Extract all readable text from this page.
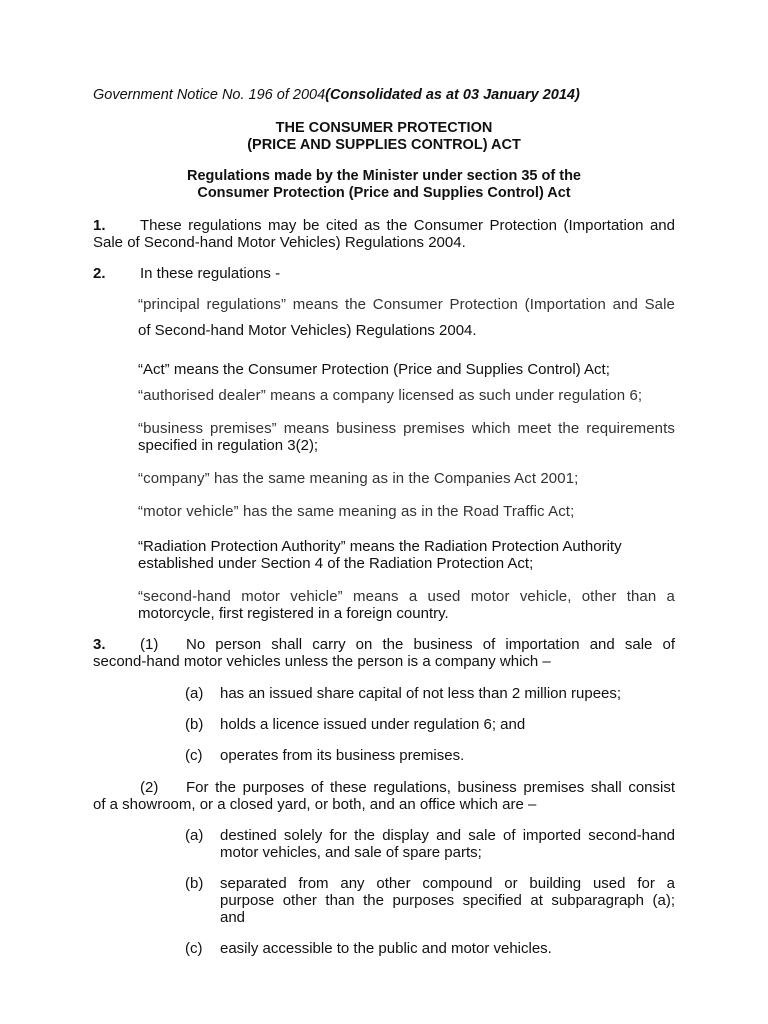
Government Notice No. 196 of 2004(Consolidated as at 03 January 2014)
THE CONSUMER PROTECTION
(PRICE AND SUPPLIES CONTROL) ACT
Regulations made by the Minister under section 35 of the
Consumer Protection (Price and Supplies Control) Act
1. These regulations may be cited as the Consumer Protection (Importation and
Sale of Second-hand Motor Vehicles) Regulations 2004.
2. In these regulations -
“principal regulations” means the Consumer Protection (Importation and Sale
of Second-hand Motor Vehicles) Regulations 2004.
“Act” means the Consumer Protection (Price and Supplies Control) Act;
“authorised dealer” means a company licensed as such under regulation 6;
“business premises” means business premises which meet the requirements
specified in regulation 3(2);
“company” has the same meaning as in the Companies Act 2001;
“motor vehicle” has the same meaning as in the Road Traffic Act;
“Radiation Protection Authority” means the Radiation Protection Authority
established under Section 4 of the Radiation Protection Act;
“second-hand motor vehicle” means a used motor vehicle, other than a
motorcycle, first registered in a foreign country.
3. (1) No person shall carry on the business of importation and sale of
second-hand motor vehicles unless the person is a company which –
(a) has an issued share capital of not less than 2 million rupees;
(b) holds a licence issued under regulation 6; and
(c) operates from its business premises.
(2) For the purposes of these regulations, business premises shall consist
of a showroom, or a closed yard, or both, and an office which are –
(a) destined solely for the display and sale of imported second-hand
motor vehicles, and sale of spare parts;
(b) separated from any other compound or building used for a
purpose other than the purposes specified at subparagraph (a);
and
(c) easily accessible to the public and motor vehicles.
